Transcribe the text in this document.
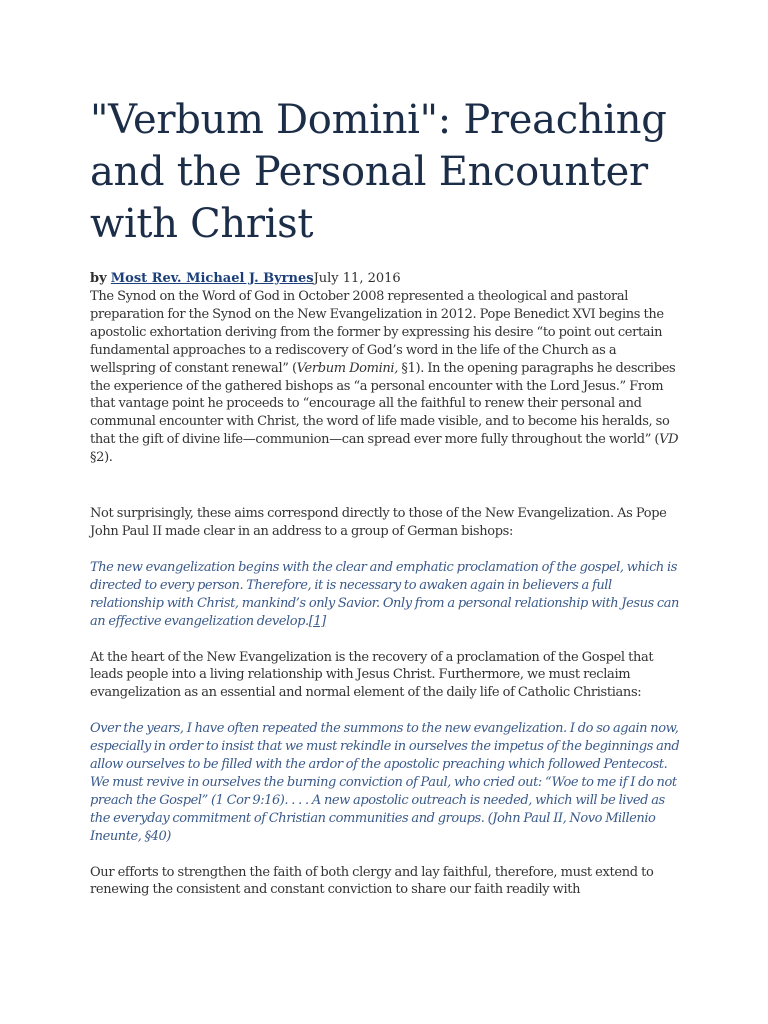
"Verbum Domini": Preaching and the Personal Encounter with Christ
by Most Rev. Michael J. ByrnesJuly 11, 2016

The Synod on the Word of God in October 2008 represented a theological and pastoral preparation for the Synod on the New Evangelization in 2012. Pope Benedict XVI begins the apostolic exhortation deriving from the former by expressing his desire “to point out certain fundamental approaches to a rediscovery of God’s word in the life of the Church as a wellspring of constant renewal” (Verbum Domini, §1). In the opening paragraphs he describes the experience of the gathered bishops as “a personal encounter with the Lord Jesus.” From that vantage point he proceeds to “encourage all the faithful to renew their personal and communal encounter with Christ, the word of life made visible, and to become his heralds, so that the gift of divine life—communion—can spread ever more fully throughout the world” (VD §2).

Not surprisingly, these aims correspond directly to those of the New Evangelization. As Pope John Paul II made clear in an address to a group of German bishops:

The new evangelization begins with the clear and emphatic proclamation of the gospel, which is directed to every person. Therefore, it is necessary to awaken again in believers a full relationship with Christ, mankind’s only Savior. Only from a personal relationship with Jesus can an effective evangelization develop.[1]

At the heart of the New Evangelization is the recovery of a proclamation of the Gospel that leads people into a living relationship with Jesus Christ. Furthermore, we must reclaim evangelization as an essential and normal element of the daily life of Catholic Christians:

Over the years, I have often repeated the summons to the new evangelization. I do so again now, especially in order to insist that we must rekindle in ourselves the impetus of the beginnings and allow ourselves to be filled with the ardor of the apostolic preaching which followed Pentecost. We must revive in ourselves the burning conviction of Paul, who cried out: “Woe to me if I do not preach the Gospel” (1 Cor 9:16). . . . A new apostolic outreach is needed, which will be lived as the everyday commitment of Christian communities and groups. (John Paul II, Novo Millenio Ineunte, §40)

Our efforts to strengthen the faith of both clergy and lay faithful, therefore, must extend to renewing the consistent and constant conviction to share our faith readily with
